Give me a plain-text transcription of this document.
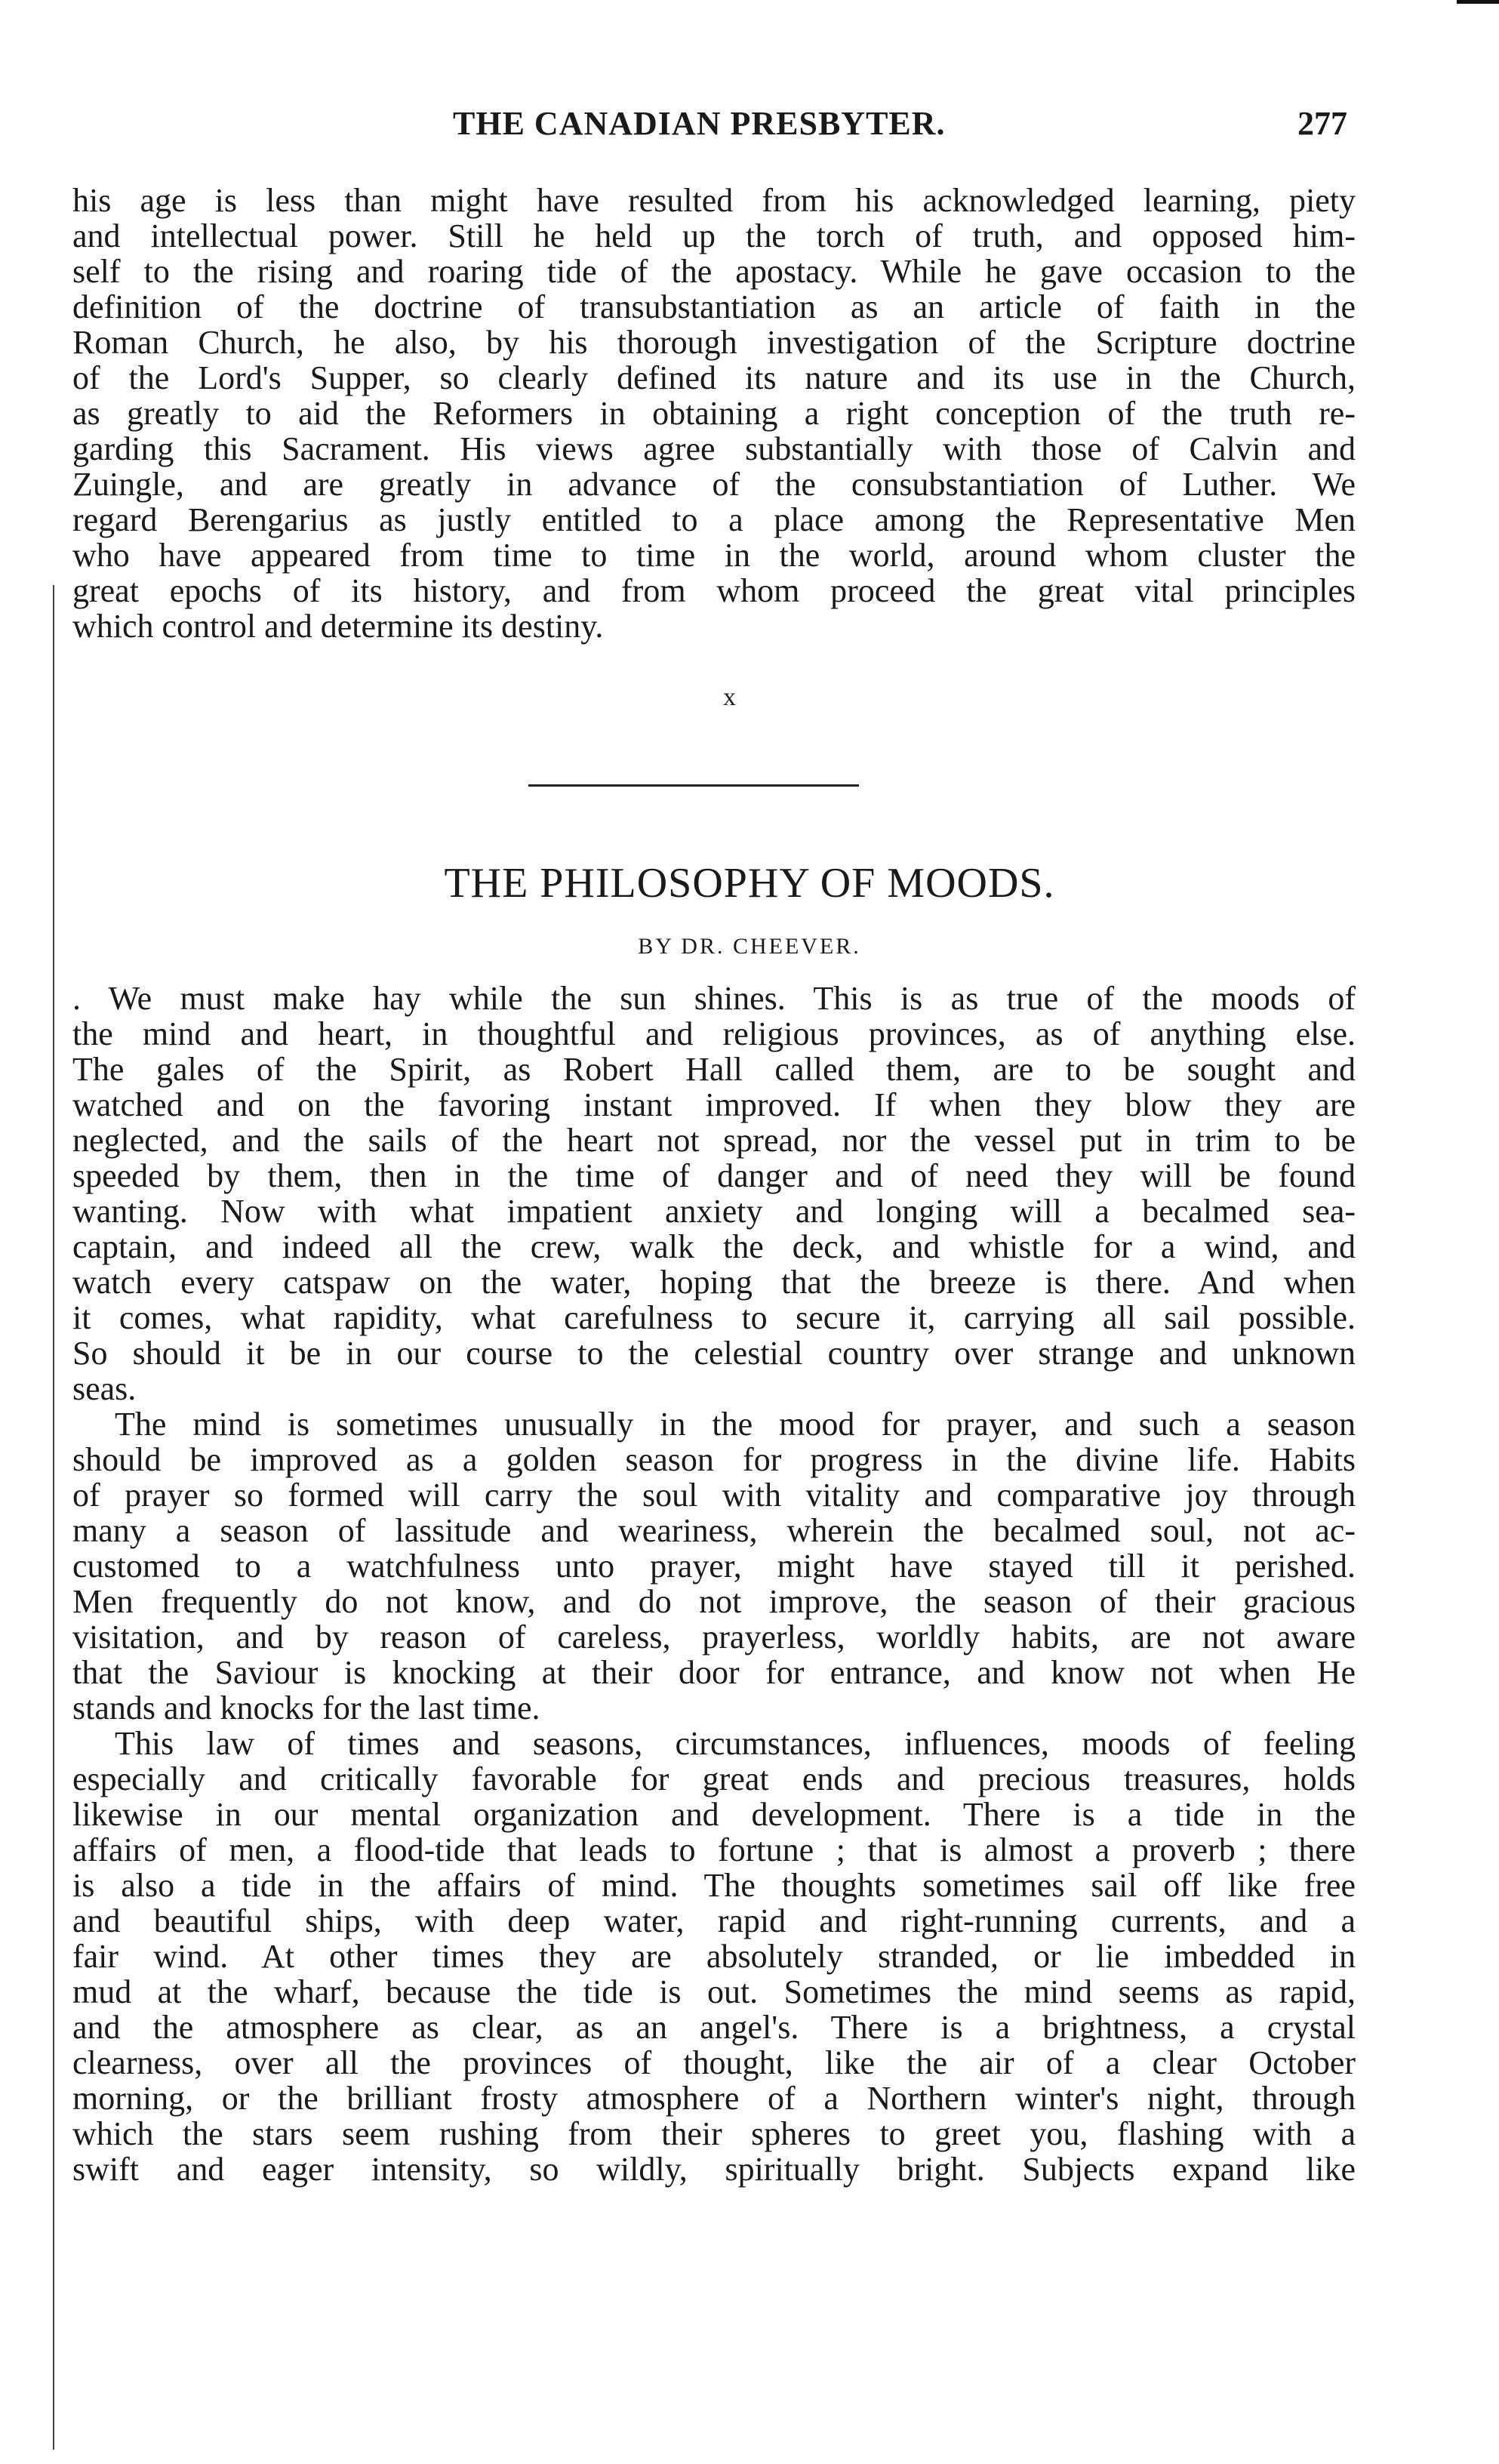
THE CANADIAN PRESBYTER.	277
his age is less than might have resulted from his acknowledged learning, piety
and intellectual power. Still he held up the torch of truth, and opposed him-
self to the rising and roaring tide of the apostacy. While he gave occasion to the
definition of the doctrine of transubstantiation as an article of faith in the
Roman Church, he also, by his thorough investigation of the Scripture doctrine
of the Lord's Supper, so clearly defined its nature and its use in the Church,
as greatly to aid the Reformers in obtaining a right conception of the truth re-
garding this Sacrament. His views agree substantially with those of Calvin and
Zuingle, and are greatly in advance of the consubstantiation of Luther. We
regard Berengarius as justly entitled to a place among the Representative Men
who have appeared from time to time in the world, around whom cluster the
great epochs of its history, and from whom proceed the great vital principles
which control and determine its destiny.
x
THE PHILOSOPHY OF MOODS.
BY DR. CHEEVER.
. We must make hay while the sun shines. This is as true of the moods of
the mind and heart, in thoughtful and religious provinces, as of anything else.
The gales of the Spirit, as Robert Hall called them, are to be sought and
watched and on the favoring instant improved. If when they blow they are
neglected, and the sails of the heart not spread, nor the vessel put in trim to be
speeded by them, then in the time of danger and of need they will be found
wanting. Now with what impatient anxiety and longing will a becalmed sea-
captain, and indeed all the crew, walk the deck, and whistle for a wind, and
watch every catspaw on the water, hoping that the breeze is there. And when
it comes, what rapidity, what carefulness to secure it, carrying all sail possible.
So should it be in our course to the celestial country over strange and unknown
seas.
The mind is sometimes unusually in the mood for prayer, and such a season
should be improved as a golden season for progress in the divine life. Habits
of prayer so formed will carry the soul with vitality and comparative joy through
many a season of lassitude and weariness, wherein the becalmed soul, not ac-
customed to a watchfulness unto prayer, might have stayed till it perished.
Men frequently do not know, and do not improve, the season of their gracious
visitation, and by reason of careless, prayerless, worldly habits, are not aware
that the Saviour is knocking at their door for entrance, and know not when He
stands and knocks for the last time.
This law of times and seasons, circumstances, influences, moods of feeling
especially and critically favorable for great ends and precious treasures, holds
likewise in our mental organization and development. There is a tide in the
affairs of men, a flood-tide that leads to fortune ; that is almost a proverb ; there
is also a tide in the affairs of mind. The thoughts sometimes sail off like free
and beautiful ships, with deep water, rapid and right-running currents, and a
fair wind. At other times they are absolutely stranded, or lie imbedded in
mud at the wharf, because the tide is out. Sometimes the mind seems as rapid,
and the atmosphere as clear, as an angel's. There is a brightness, a crystal
clearness, over all the provinces of thought, like the air of a clear October
morning, or the brilliant frosty atmosphere of a Northern winter's night, through
which the stars seem rushing from their spheres to greet you, flashing with a
swift and eager intensity, so wildly, spiritually bright. Subjects expand like
